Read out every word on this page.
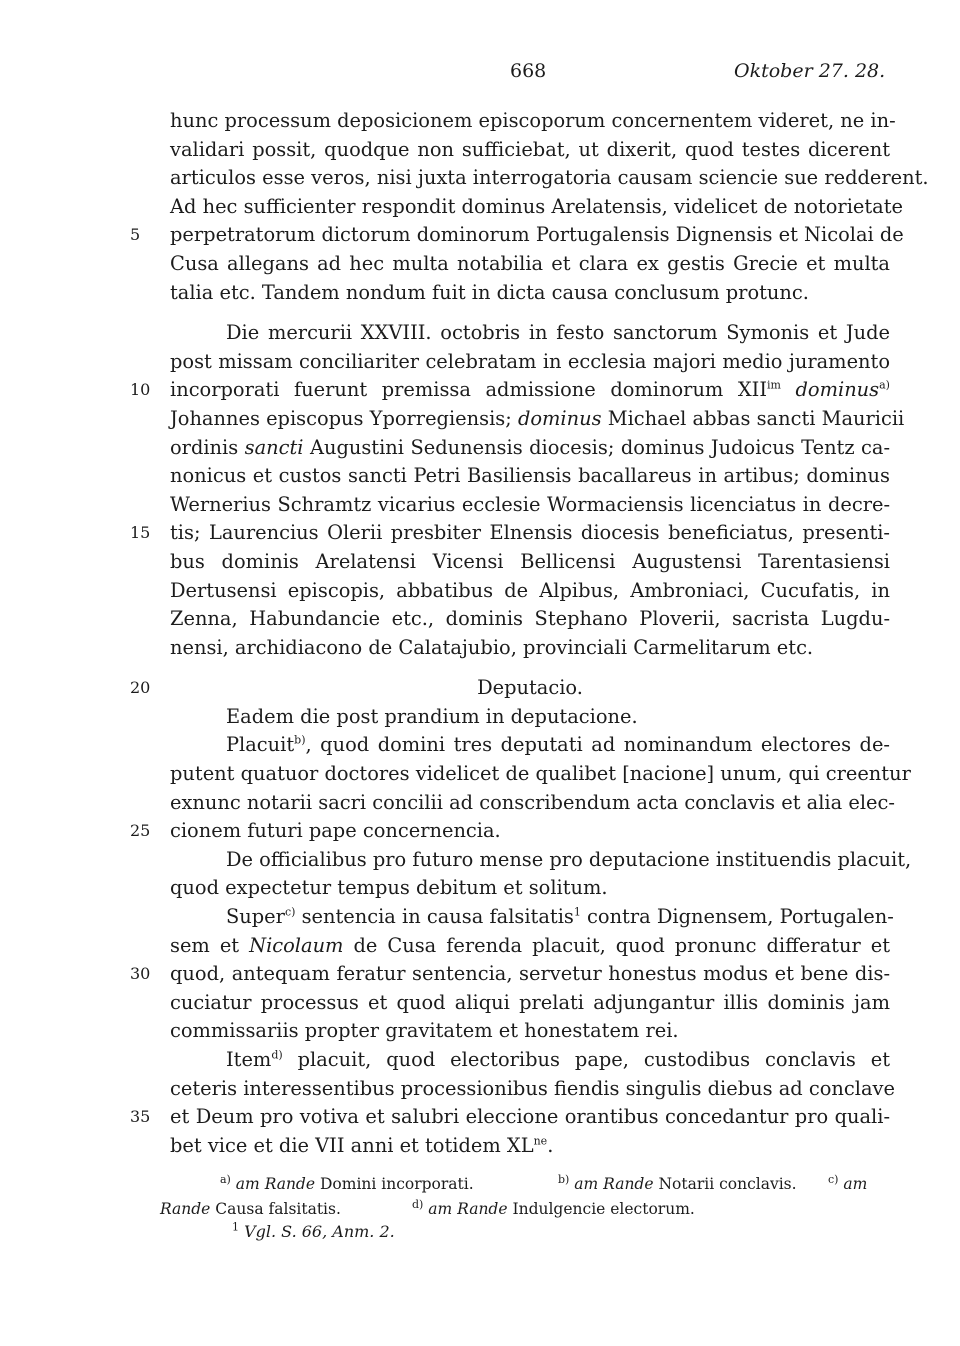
668	Oktober 27. 28.
hunc processum deposicionem episcoporum concernentem videret, ne in-
validari possit, quodque non sufficiebat, ut dixerit, quod testes dicerent
articulos esse veros, nisi juxta interrogatoria causam sciencie sue redderent.
Ad hec sufficienter respondit dominus Arelatensis, videlicet de notorietate
5 perpetratorum dictorum dominorum Portugalensis Dignensis et Nicolai de
Cusa allegans ad hec multa notabilia et clara ex gestis Grecie et multa
talia etc. Tandem nondum fuit in dicta causa conclusum protunc.
Die mercurii XXVIII. octobris in festo sanctorum Symonis et Jude
post missam conciliariter celebratam in ecclesia majori medio juramento
10 incorporati fuerunt premissa admissione dominorum $XII^{im}$ dominus$^{a)}$
Johannes episcopus Yporregiensis; dominus Michael abbas sancti Mauricii
ordinis sancti Augustini Sedunensis diocesis; dominus Judoicus Tentz ca-
nonicus et custos sancti Petri Basiliensis bacallareus in artibus; dominus
Wernerius Schramtz vicarius ecclesie Wormaciensis licenciatus in decre-
15 tis; Laurencius Olerii presbiter Elnensis diocesis beneficiatus, presenti-
bus dominis Arelatensi Vicensi Bellicensi Augustensi Tarentasiensi
Dertusensi episcopis, abbatibus de Alpibus, Ambroniaci, Cucufatis, in
Zenna, Habundancie etc., dominis Stephano Ploverii, sacrista Lugdu-
nensi, archidiacono de Calatajubio, provinciali Carmelitarum etc.
20	Deputacio.
Eadem die post prandium in deputacione.
Placuit$^{b)}$, quod domini tres deputati ad nominandum electores de-
putent quatuor doctores videlicet de qualibet [nacione] unum, qui creentur
exnunc notarii sacri concilii ad conscribendum acta conclavis et alia elec-
25 cionem futuri pape concernencia.
De officialibus pro futuro mense pro deputacione instituendis placuit,
quod expectetur tempus debitum et solitum.
Super$^{c)}$ sentencia in causa falsitatis$^1$ contra Dignensem, Portugalen-
sem et Nicolaum de Cusa ferenda placuit, quod pronunc differatur et
30 quod, antequam feratur sentencia, servetur honestus modus et bene dis-
cuciatur processus et quod aliqui prelati adjungantur illis dominis jam
commissariis propter gravitatem et honestatem rei.
Item$^{d)}$ placuit, quod electoribus pape, custodibus conclavis et
ceteris interessentibus processionibus fiendis singulis diebus ad conclave
35 et Deum pro votiva et salubri eleccione orantibus concedantur pro quali-
bet vice et die VII anni et totidem $XL^{ne}$.
$^{a)}$ am Rande Domini incorporati.	$^{b)}$ am Rande Notarii conclavis.	$^{c)}$ am
Rande Causa falsitatis.	$^{d)}$ am Rande Indulgencie electorum.
$^1$ Vgl. S. 66, Anm. 2.
